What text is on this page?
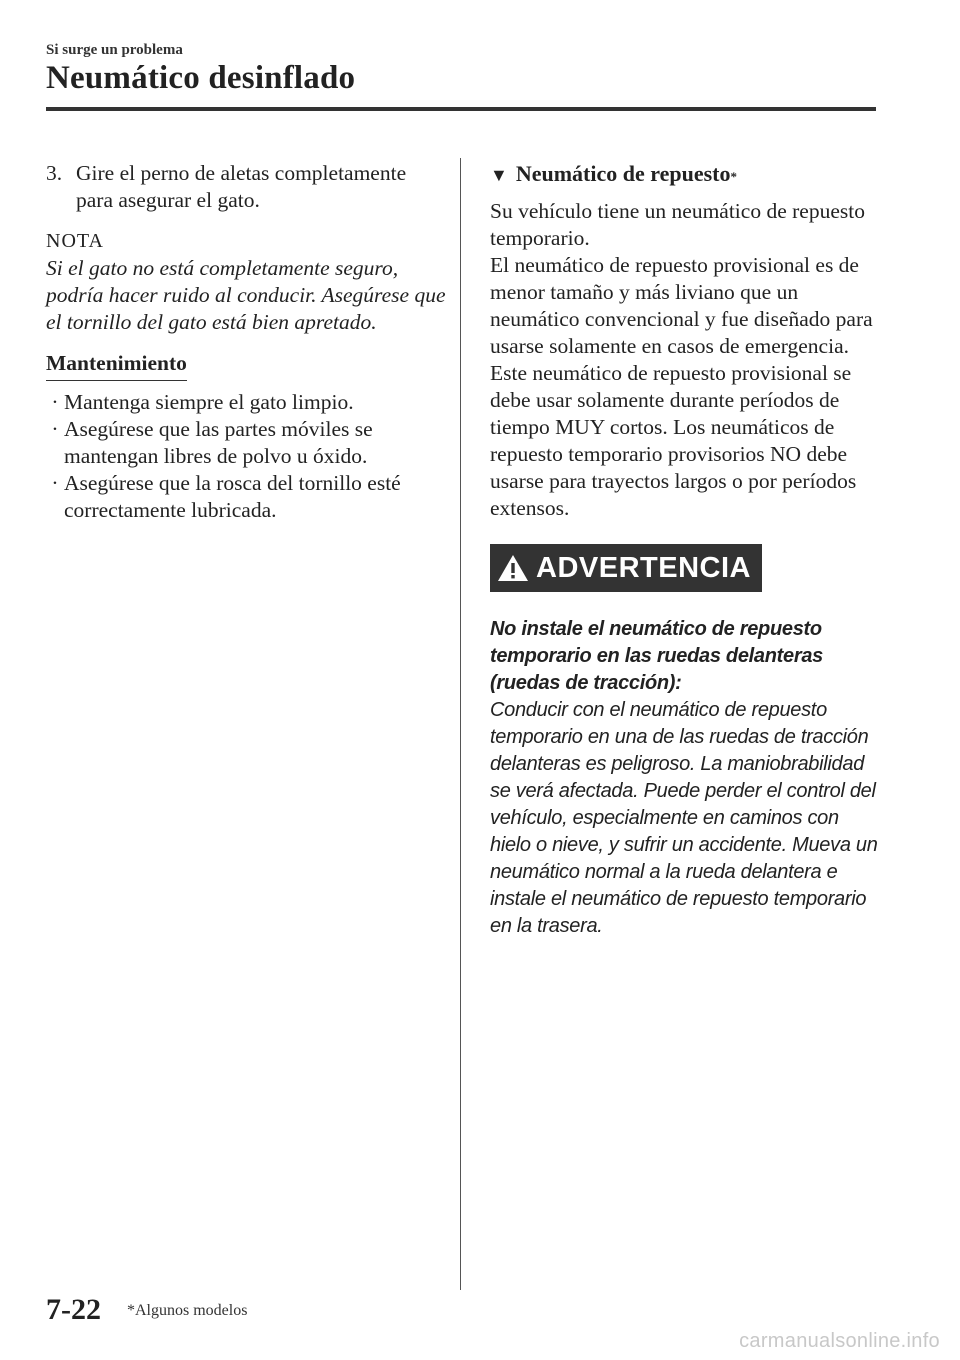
Si surge un problema
Neumático desinflado
3. Gire el perno de aletas completamente para asegurar el gato.
NOTA
Si el gato no está completamente seguro, podría hacer ruido al conducir. Asegúrese que el tornillo del gato está bien apretado.
Mantenimiento
· Mantenga siempre el gato limpio.
· Asegúrese que las partes móviles se mantengan libres de polvo u óxido.
· Asegúrese que la rosca del tornillo esté correctamente lubricada.
▼ Neumático de repuesto *
Su vehículo tiene un neumático de repuesto temporario.
El neumático de repuesto provisional es de menor tamaño y más liviano que un neumático convencional y fue diseñado para usarse solamente en casos de emergencia. Este neumático de repuesto provisional se debe usar solamente durante períodos de tiempo MUY cortos. Los neumáticos de repuesto temporario provisorios NO debe usarse para trayectos largos o por períodos extensos.
ADVERTENCIA
No instale el neumático de repuesto temporario en las ruedas delanteras (ruedas de tracción):
Conducir con el neumático de repuesto temporario en una de las ruedas de tracción delanteras es peligroso. La maniobrabilidad se verá afectada. Puede perder el control del vehículo, especialmente en caminos con hielo o nieve, y sufrir un accidente. Mueva un neumático normal a la rueda delantera e instale el neumático de repuesto temporario en la trasera.
7-22 *Algunos modelos
carmanualsonline.info
